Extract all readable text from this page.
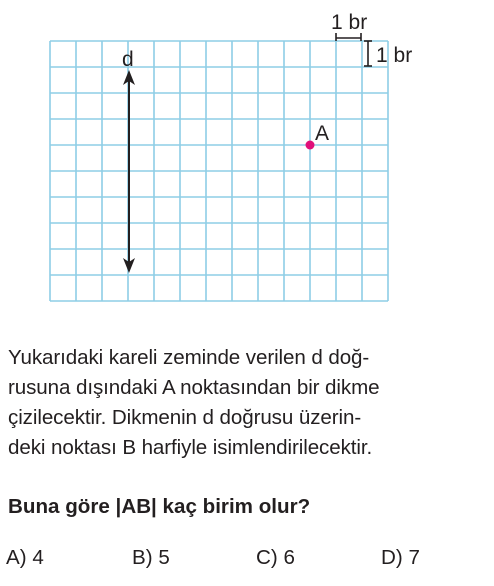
1 br
1 br
d
A
Yukarıdaki kareli zeminde verilen d doğ-
rusuna dışındaki A noktasından bir dikme
çizilecektir. Dikmenin d doğrusu üzerin-
deki noktası B harfiyle isimlendirilecektir.
Buna göre |AB| kaç birim olur?
A) 4	B) 5	C) 6	D) 7
